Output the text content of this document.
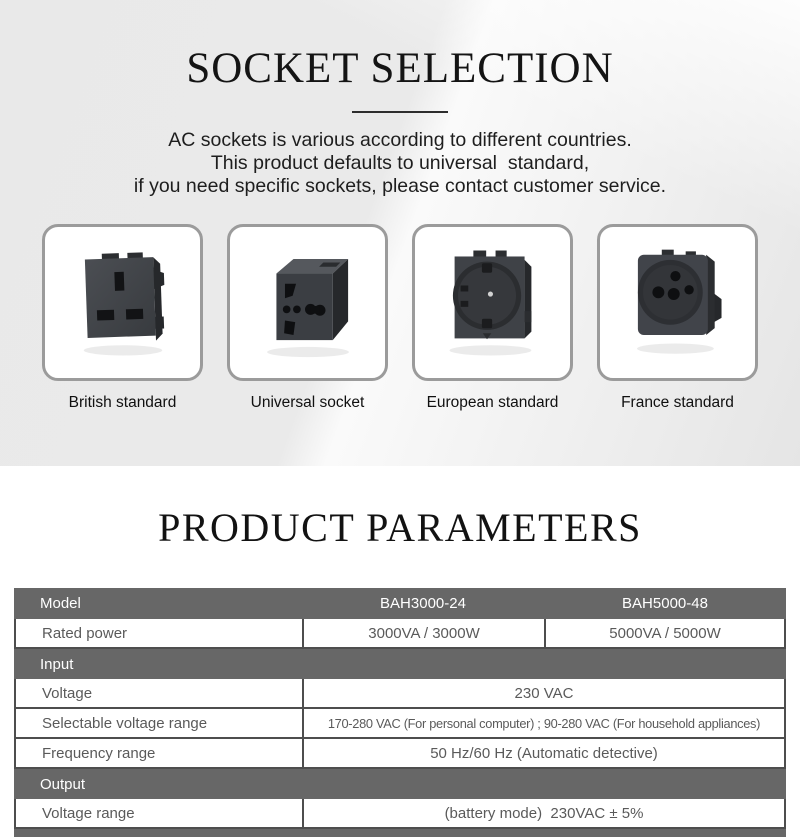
SOCKET SELECTION

AC sockets is various according to different countries.
This product defaults to universal  standard,
if you need specific sockets, please contact customer service.

British standard	Universal socket	European standard	France standard
PRODUCT PARAMETERS
Model	BAH3000-24	BAH5000-48
Rated power	3000VA / 3000W	5000VA / 5000W
Input
Voltage	230 VAC
Selectable voltage range	170-280 VAC (For personal computer) ; 90-280 VAC (For household appliances)
Frequency range	50 Hz/60 Hz (Automatic detective)
Output
Voltage range	(battery mode)  230VAC ± 5%
